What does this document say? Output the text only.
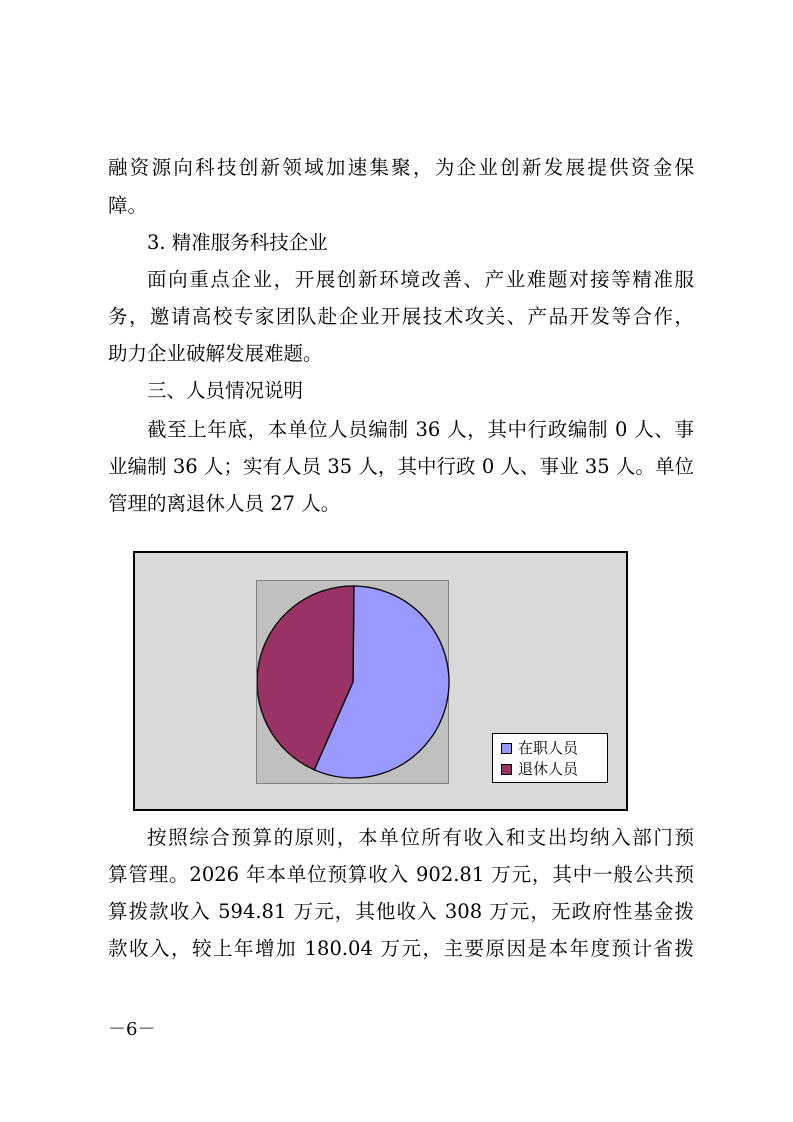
融资源向科技创新领域加速集聚，为企业创新发展提供资金保
障。
3. 精准服务科技企业
面向重点企业，开展创新环境改善、产业难题对接等精准服
务，邀请高校专家团队赴企业开展技术攻关、产品开发等合作，
助力企业破解发展难题。
三、人员情况说明
截至上年底，本单位人员编制 36 人，其中行政编制 0 人、事
业编制 36 人；实有人员 35 人，其中行政 0 人、事业 35 人。单位
管理的离退休人员 27 人。
在职人员
退休人员
按照综合预算的原则，本单位所有收入和支出均纳入部门预
算管理。2026 年本单位预算收入 902.81 万元，其中一般公共预
算拨款收入 594.81 万元，其他收入 308 万元，无政府性基金拨
款收入，较上年增加 180.04 万元，主要原因是本年度预计省拨
－6－
